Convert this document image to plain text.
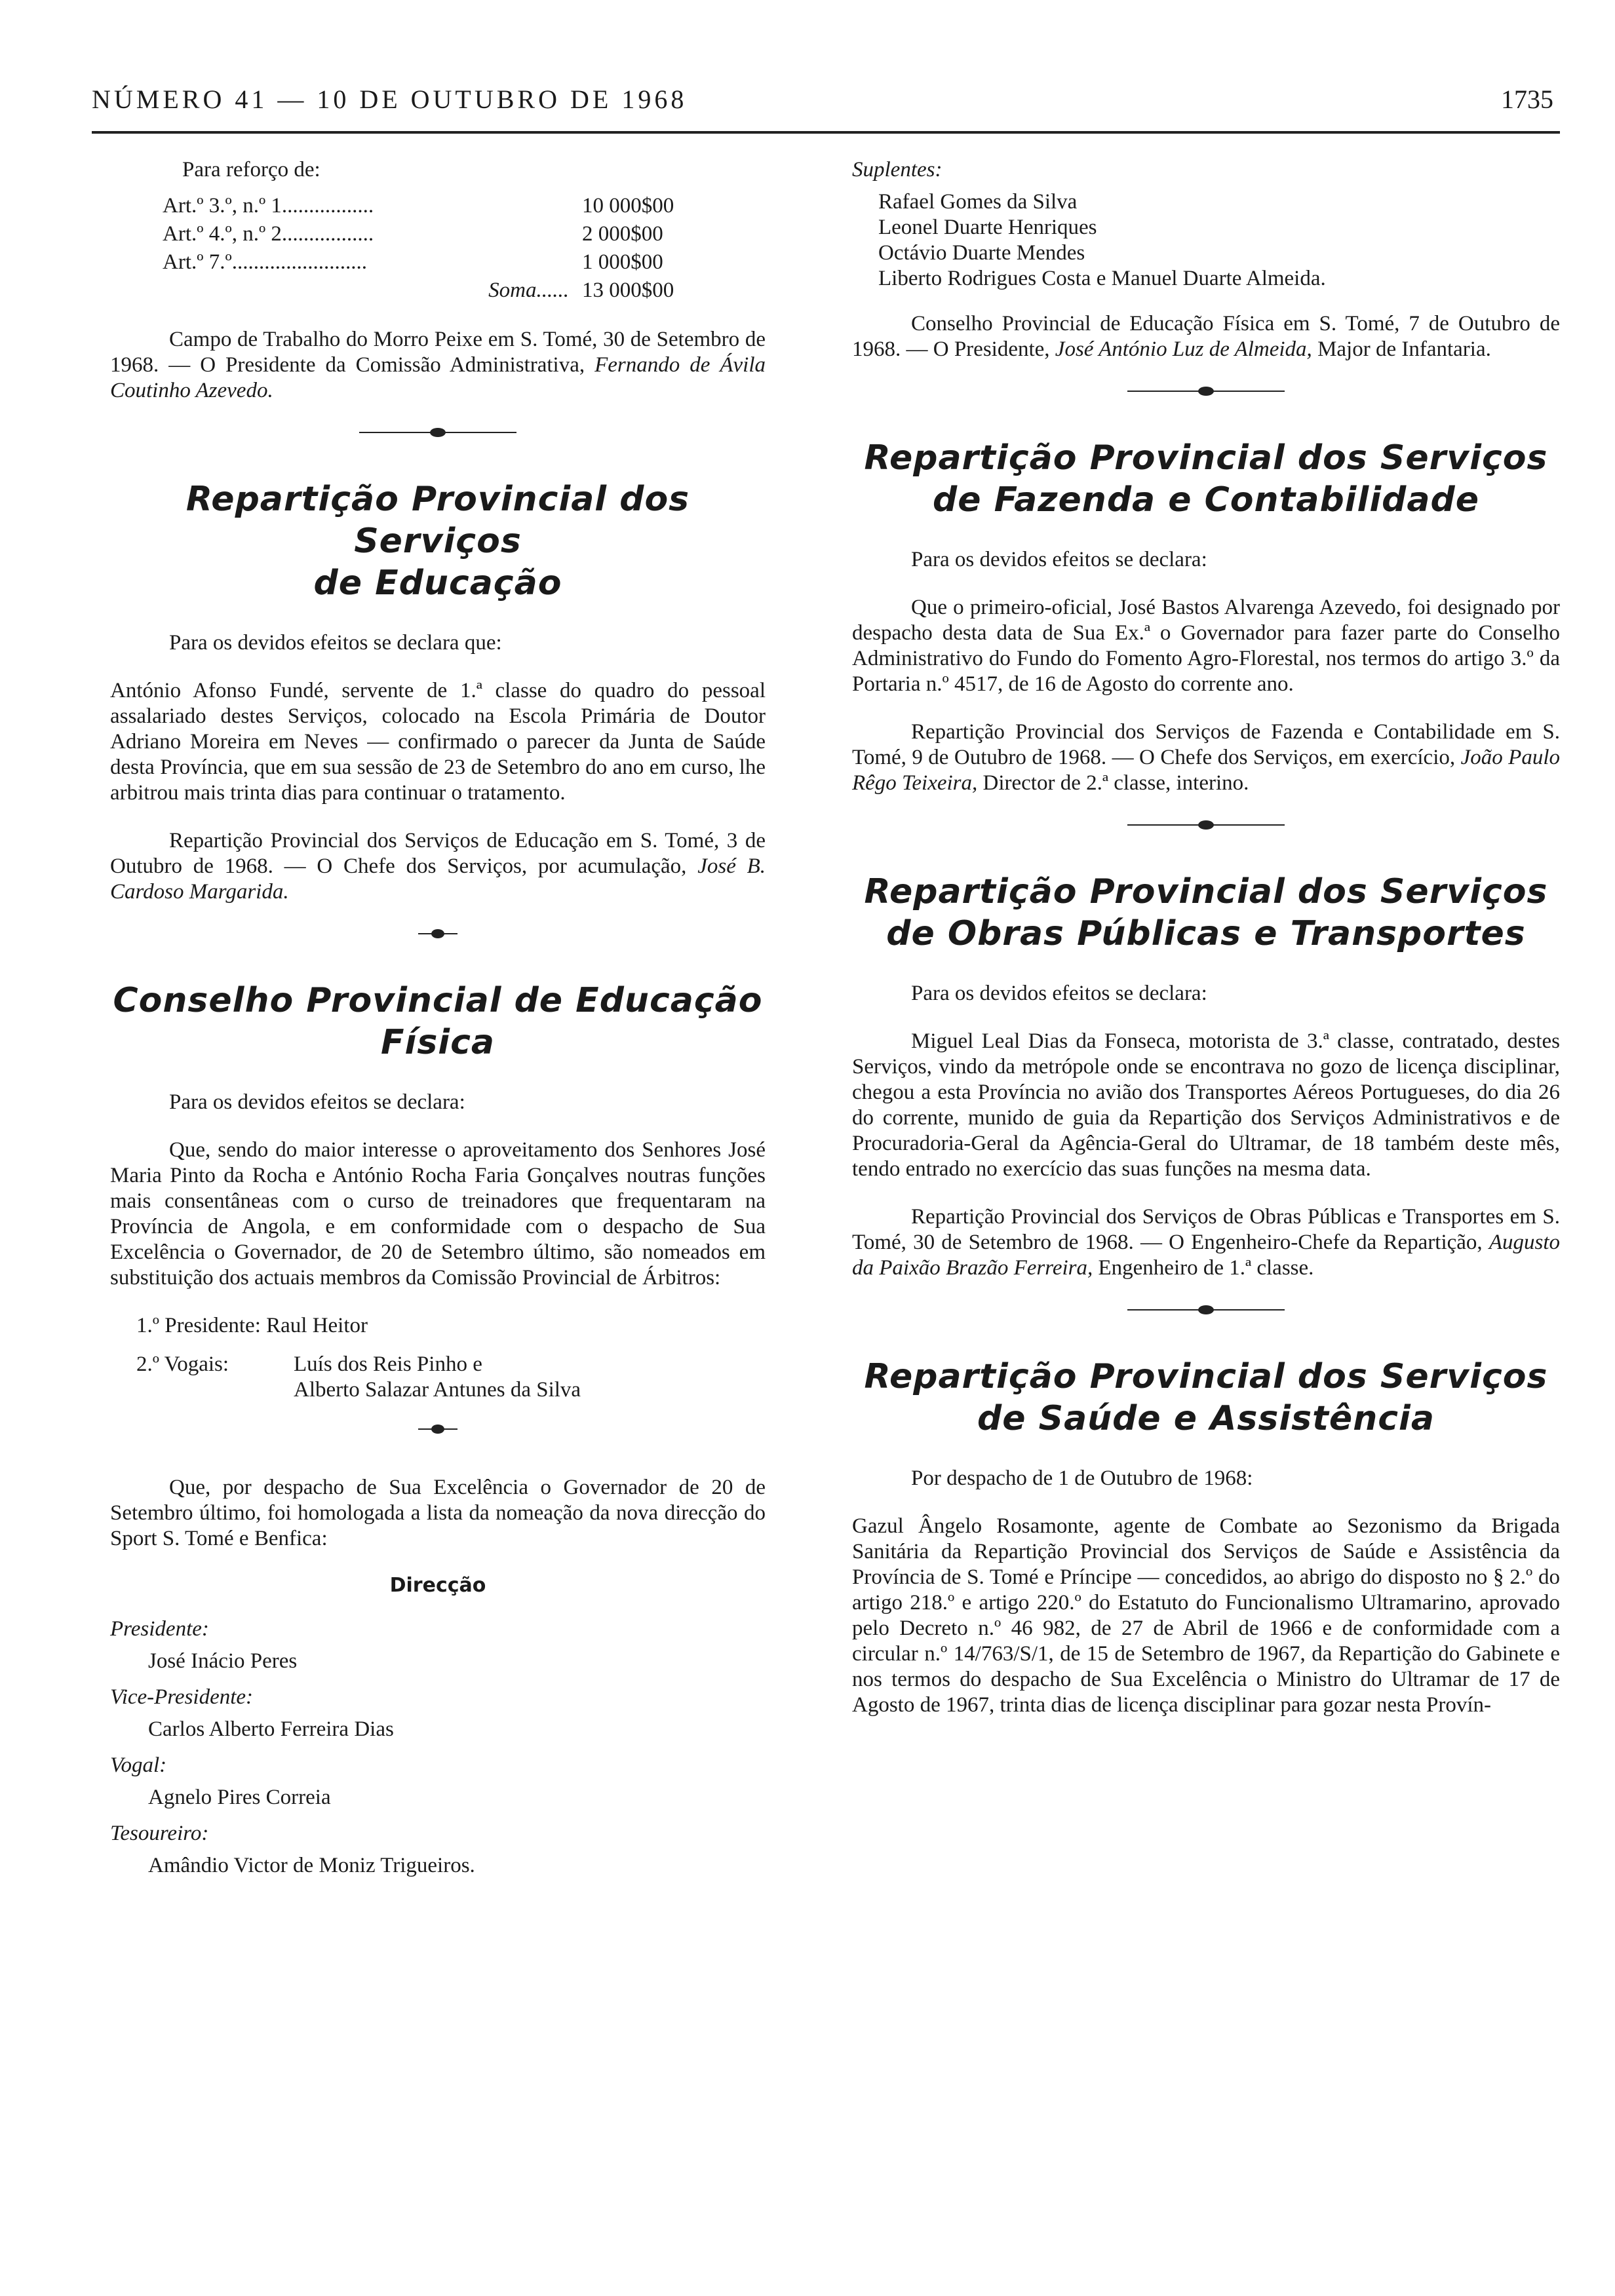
NÚMERO 41 — 10 DE OUTUBRO DE 1968	1735

Para reforço de:

Art.º 3.º, n.º 1.................	10 000$00
Art.º 4.º, n.º 2.................	2 000$00
Art.º 7.º.........................	1 000$00
Soma...... 13 000$00

Campo de Trabalho do Morro Peixe em S. Tomé, 30 de Setembro de 1968. — O Presidente da Comissão Administrativa, Fernando de Ávila Coutinho Azevedo.

Repartição Provincial dos Serviços
de Educação

Para os devidos efeitos se declara que:

António Afonso Fundé, servente de 1.ª classe do quadro do pessoal assalariado destes Serviços, colocado na Escola Primária de Doutor Adriano Moreira em Neves — confirmado o parecer da Junta de Saúde desta Província, que em sua sessão de 23 de Setembro do ano em curso, lhe arbitrou mais trinta dias para continuar o tratamento.

Repartição Provincial dos Serviços de Educação em S. Tomé, 3 de Outubro de 1968. — O Chefe dos Serviços, por acumulação, José B. Cardoso Margarida.

Conselho Provincial de Educação
Física

Para os devidos efeitos se declara:

Que, sendo do maior interesse o aproveitamento dos Senhores José Maria Pinto da Rocha e António Rocha Faria Gonçalves noutras funções mais consentâneas com o curso de treinadores que frequentaram na Província de Angola, e em conformidade com o despacho de Sua Excelência o Governador, de 20 de Setembro último, são nomeados em substituição dos actuais membros da Comissão Provincial de Árbitros:

1.º Presidente: Raul Heitor
2.º Vogais:	Luís dos Reis Pinho e
Alberto Salazar Antunes da Silva

Que, por despacho de Sua Excelência o Governador de 20 de Setembro último, foi homologada a lista da nomeação da nova direcção do Sport S. Tomé e Benfica:

Direcção
Presidente:
José Inácio Peres
Vice-Presidente:
Carlos Alberto Ferreira Dias
Vogal:
Agnelo Pires Correia
Tesoureiro:
Amândio Victor de Moniz Trigueiros.
Suplentes:
Rafael Gomes da Silva
Leonel Duarte Henriques
Octávio Duarte Mendes
Liberto Rodrigues Costa e Manuel Duarte Almeida.

Conselho Provincial de Educação Física em S. Tomé, 7 de Outubro de 1968. — O Presidente, José António Luz de Almeida, Major de Infantaria.

Repartição Provincial dos Serviços
de Fazenda e Contabilidade

Para os devidos efeitos se declara:

Que o primeiro-oficial, José Bastos Alvarenga Azevedo, foi designado por despacho desta data de Sua Ex.ª o Governador para fazer parte do Conselho Administrativo do Fundo do Fomento Agro-Florestal, nos termos do artigo 3.º da Portaria n.º 4517, de 16 de Agosto do corrente ano.

Repartição Provincial dos Serviços de Fazenda e Contabilidade em S. Tomé, 9 de Outubro de 1968. — O Chefe dos Serviços, em exercício, João Paulo Rêgo Teixeira, Director de 2.ª classe, interino.

Repartição Provincial dos Serviços
de Obras Públicas e Transportes

Para os devidos efeitos se declara:

Miguel Leal Dias da Fonseca, motorista de 3.ª classe, contratado, destes Serviços, vindo da metrópole onde se encontrava no gozo de licença disciplinar, chegou a esta Província no avião dos Transportes Aéreos Portugueses, do dia 26 do corrente, munido de guia da Repartição dos Serviços Administrativos e de Procuradoria-Geral da Agência-Geral do Ultramar, de 18 também deste mês, tendo entrado no exercício das suas funções na mesma data.

Repartição Provincial dos Serviços de Obras Públicas e Transportes em S. Tomé, 30 de Setembro de 1968. — O Engenheiro-Chefe da Repartição, Augusto da Paixão Brazão Ferreira, Engenheiro de 1.ª classe.

Repartição Provincial dos Serviços
de Saúde e Assistência

Por despacho de 1 de Outubro de 1968:

Gazul Ângelo Rosamonte, agente de Combate ao Sezonismo da Brigada Sanitária da Repartição Provincial dos Serviços de Saúde e Assistência da Província de S. Tomé e Príncipe — concedidos, ao abrigo do disposto no § 2.º do artigo 218.º e artigo 220.º do Estatuto do Funcionalismo Ultramarino, aprovado pelo Decreto n.º 46 982, de 27 de Abril de 1966 e de conformidade com a circular n.º 14/763/S/1, de 15 de Setembro de 1967, da Repartição do Gabinete e nos termos do despacho de Sua Excelência o Ministro do Ultramar de 17 de Agosto de 1967, trinta dias de licença disciplinar para gozar nesta Provín-
